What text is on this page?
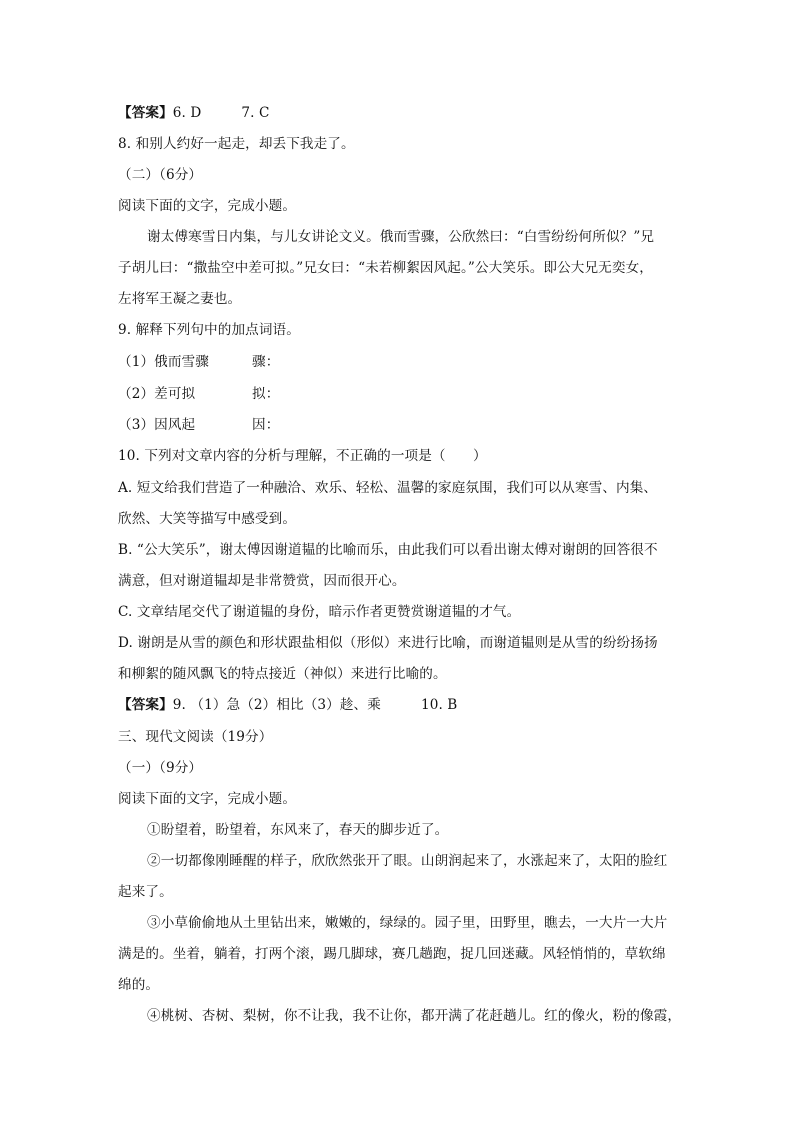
【答案】6. D	7. C
8. 和别人约好一起走，却丢下我走了。
（二）（6分）
阅读下面的文字，完成小题。
谢太傅寒雪日内集，与儿女讲论文义。俄而雪骤，公欣然曰：“白雪纷纷何所似？”兄
子胡儿曰：“撒盐空中差可拟。”兄女曰：“未若柳絮因风起。”公大笑乐。即公大兄无奕女，
左将军王凝之妻也。
9. 解释下列句中的加点词语。
（1）俄而雪骤	骤：
（2）差可拟	拟：
（3）因风起	因：
10. 下列对文章内容的分析与理解，不正确的一项是（　　）
A. 短文给我们营造了一种融洽、欢乐、轻松、温馨的家庭氛围，我们可以从寒雪、内集、
欣然、大笑等描写中感受到。
B. “公大笑乐”，谢太傅因谢道韫的比喻而乐，由此我们可以看出谢太傅对谢朗的回答很不
满意，但对谢道韫却是非常赞赏，因而很开心。
C. 文章结尾交代了谢道韫的身份，暗示作者更赞赏谢道韫的才气。
D. 谢朗是从雪的颜色和形状跟盐相似（形似）来进行比喻，而谢道韫则是从雪的纷纷扬扬
和柳絮的随风飘飞的特点接近（神似）来进行比喻的。
【答案】9. （1）急（2）相比（3）趁、乘	10. B
三、现代文阅读（19分）
（一）（9分）
阅读下面的文字，完成小题。
①盼望着，盼望着，东风来了，春天的脚步近了。
②一切都像刚睡醒的样子，欣欣然张开了眼。山朗润起来了，水涨起来了，太阳的脸红
起来了。
③小草偷偷地从土里钻出来，嫩嫩的，绿绿的。园子里，田野里，瞧去，一大片一大片
满是的。坐着，躺着，打两个滚，踢几脚球，赛几趟跑，捉几回迷藏。风轻悄悄的，草软绵
绵的。
④桃树、杏树、梨树，你不让我，我不让你，都开满了花赶趟儿。红的像火，粉的像霞，
